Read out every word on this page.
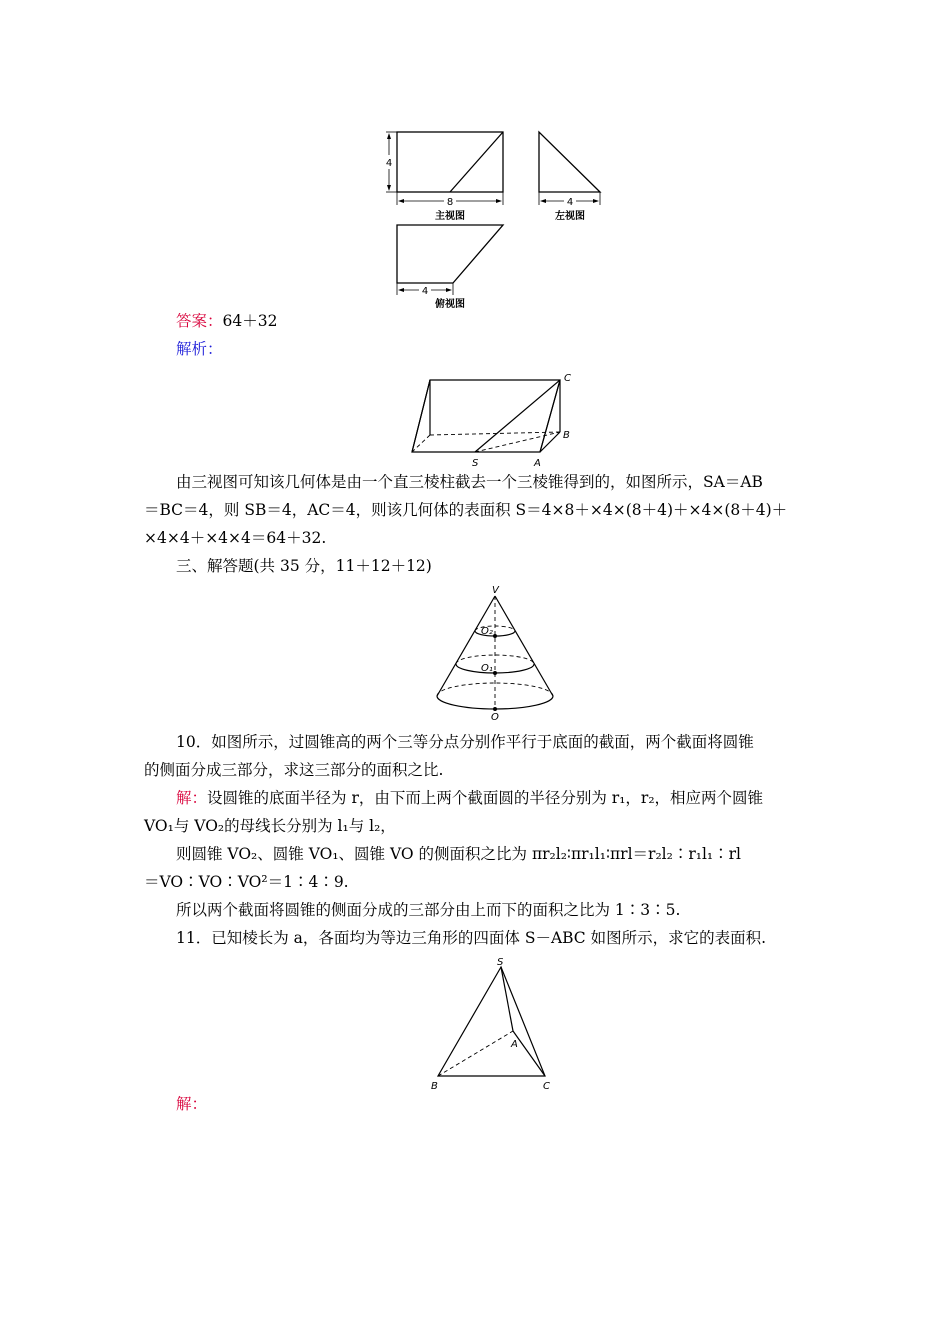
4
8	4
4
主视图	左视图
俯视图
答案：64＋32
解析：
C
B
A
S
由三视图可知该几何体是由一个直三棱柱截去一个三棱锥得到的，如图所示，SA＝AB
＝BC＝4，则 SB＝4，AC＝4，则该几何体的表面积 S＝4×8＋×4×(8＋4)＋×4×(8＋4)＋
×4×4＋×4×4＝64＋32.
三、解答题(共 35 分，11＋12＋12)
V
O₂
O₁
O
10．如图所示，过圆锥高的两个三等分点分别作平行于底面的截面，两个截面将圆锥
的侧面分成三部分，求这三部分的面积之比.
解：设圆锥的底面半径为 r，由下而上两个截面圆的半径分别为 r₁，r₂，相应两个圆锥
VO₁与 VO₂的母线长分别为 l₁与 l₂，
则圆锥 VO₂、圆锥 VO₁、圆锥 VO 的侧面积之比为 πr₂l₂∶πr₁l₁∶πrl＝r₂l₂∶r₁l₁∶rl
＝VO∶VO∶VO²＝1∶4∶9.
所以两个截面将圆锥的侧面分成的三部分由上而下的面积之比为 1∶3∶5.
11．已知棱长为 a，各面均为等边三角形的四面体 S－ABC 如图所示，求它的表面积.
S
A
B	C
解：
